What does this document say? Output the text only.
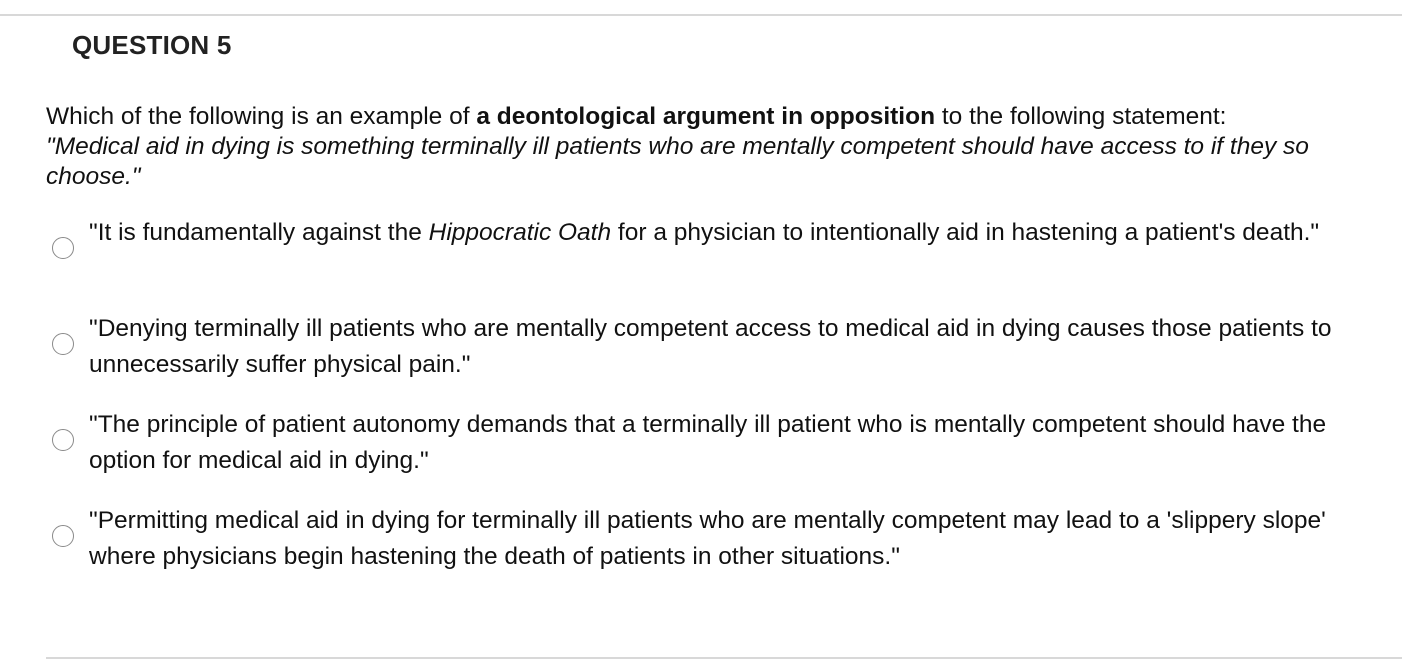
QUESTION 5
Which of the following is an example of a deontological argument in opposition to the following statement:
"Medical aid in dying is something terminally ill patients who are mentally competent should have access to if they so choose."
"It is fundamentally against the Hippocratic Oath for a physician to intentionally aid in hastening a patient's death."
"Denying terminally ill patients who are mentally competent access to medical aid in dying causes those patients to unnecessarily suffer physical pain."
"The principle of patient autonomy demands that a terminally ill patient who is mentally competent should have the option for medical aid in dying."
"Permitting medical aid in dying for terminally ill patients who are mentally competent may lead to a 'slippery slope' where physicians begin hastening the death of patients in other situations."
